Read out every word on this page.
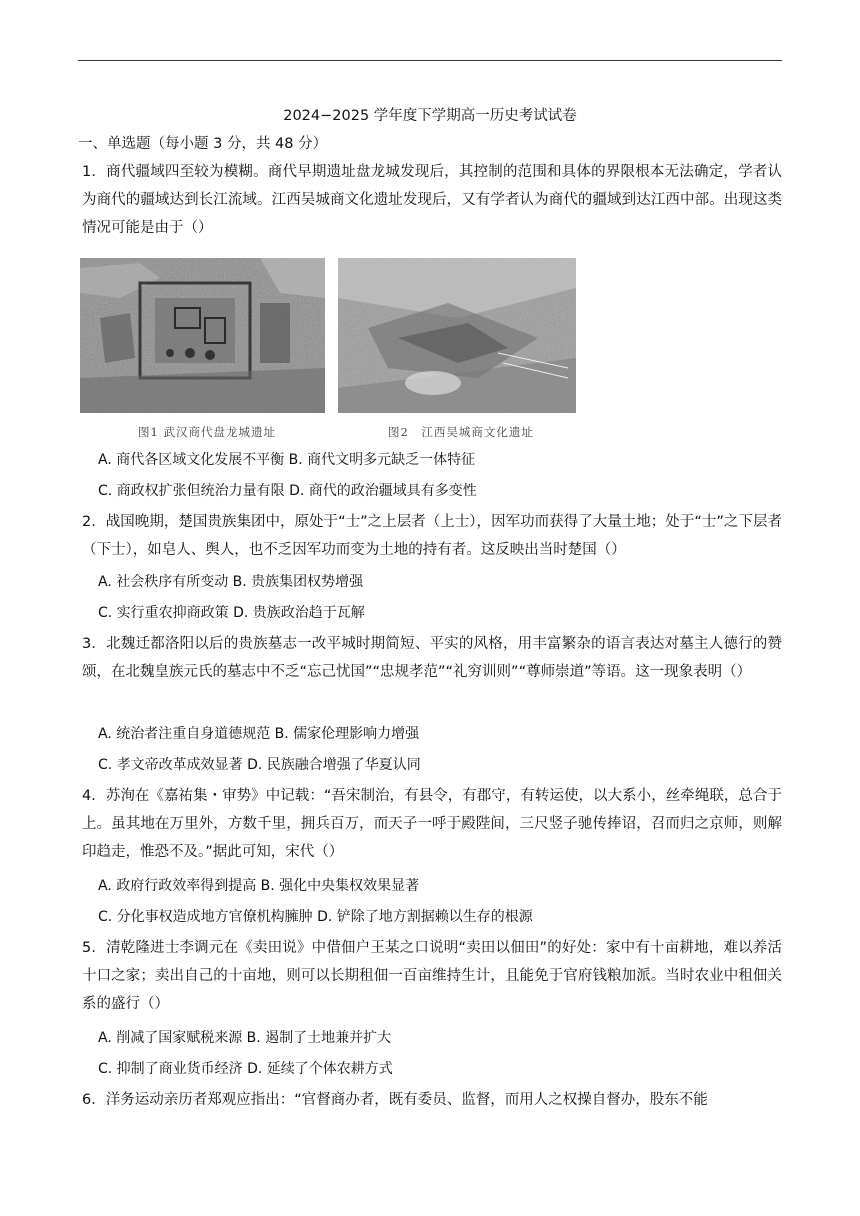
2024−2025 学年度下学期高一历史考试试卷
一、单选题（每小题 3 分，共 48 分）
1．商代疆域四至较为模糊。商代早期遗址盘龙城发现后，其控制的范围和具体的界限根本无法确定，学者认为商代的疆域达到长江流域。江西吴城商文化遗址发现后，又有学者认为商代的疆域到达江西中部。出现这类情况可能是由于（）
图1 武汉商代盘龙城遗址	图2　江西吴城商文化遗址
A. 商代各区域文化发展不平衡 B. 商代文明多元缺乏一体特征
C. 商政权扩张但统治力量有限 D. 商代的政治疆域具有多变性
2．战国晚期，楚国贵族集团中，原处于“士”之上层者（上士），因军功而获得了大量土地；处于“士”之下层者（下士），如皂人、舆人，也不乏因军功而变为土地的持有者。这反映出当时楚国（）
A. 社会秩序有所变动 B. 贵族集团权势增强
C. 实行重农抑商政策 D. 贵族政治趋于瓦解
3．北魏迁都洛阳以后的贵族墓志一改平城时期简短、平实的风格，用丰富繁杂的语言表达对墓主人德行的赞颂，在北魏皇族元氏的墓志中不乏“忘己忧国”“忠规孝范”“礼穷训则”“尊师崇道”等语。这一现象表明（）
A. 统治者注重自身道德规范 B. 儒家伦理影响力增强
C. 孝文帝改革成效显著 D. 民族融合增强了华夏认同
4．苏洵在《嘉祐集・审势》中记载：“吾宋制治，有县令，有郡守，有转运使，以大系小，丝牵绳联，总合于上。虽其地在万里外，方数千里，拥兵百万，而天子一呼于殿陛间，三尺竖子驰传捧诏，召而归之京师，则解印趋走，惟恐不及。”据此可知，宋代（）
A. 政府行政效率得到提高 B. 强化中央集权效果显著
C. 分化事权造成地方官僚机构臃肿 D. 铲除了地方割据赖以生存的根源
5．清乾隆进士李调元在《卖田说》中借佃户王某之口说明“卖田以佃田”的好处：家中有十亩耕地，难以养活十口之家；卖出自己的十亩地，则可以长期租佃一百亩维持生计，且能免于官府钱粮加派。当时农业中租佃关系的盛行（）
A. 削减了国家赋税来源 B. 遏制了土地兼并扩大
C. 抑制了商业货币经济 D. 延续了个体农耕方式
6．洋务运动亲历者郑观应指出：“官督商办者，既有委员、监督，而用人之权操自督办，股东不能
